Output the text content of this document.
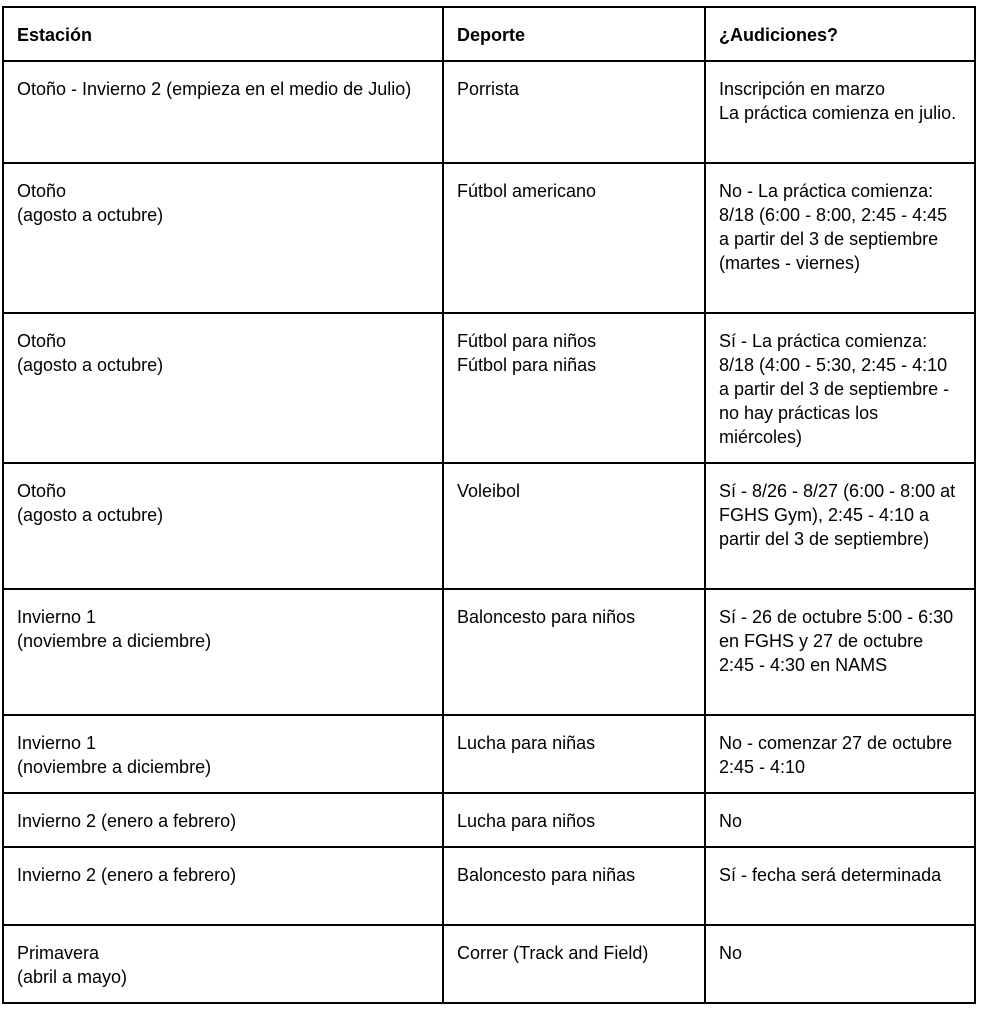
Estación	Deporte	¿Audiciones?
Otoño - Invierno 2 (empieza en el medio de Julio)	Porrista	Inscripción en marzo
La práctica comienza en julio.
Otoño
(agosto a octubre)	Fútbol americano	No - La práctica comienza: 8/18 (6:00 - 8:00, 2:45 - 4:45 a partir del 3 de septiembre (martes - viernes)
Otoño
(agosto a octubre)	Fútbol para niños
Fútbol para niñas	Sí - La práctica comienza: 8/18 (4:00 - 5:30, 2:45 - 4:10 a partir del 3 de septiembre - no hay prácticas los miércoles)
Otoño
(agosto a octubre)	Voleibol	Sí - 8/26 - 8/27 (6:00 - 8:00 at FGHS Gym), 2:45 - 4:10 a partir del 3 de septiembre)
Invierno 1
(noviembre a diciembre)	Baloncesto para niños	Sí - 26 de octubre 5:00 - 6:30 en FGHS y 27 de octubre 2:45 - 4:30 en NAMS
Invierno 1
(noviembre a diciembre)	Lucha para niñas	No - comenzar 27 de octubre 2:45 - 4:10
Invierno 2 (enero a febrero)	Lucha para niños	No
Invierno 2 (enero a febrero)	Baloncesto para niñas	Sí - fecha será determinada
Primavera
(abril a mayo)	Correr (Track and Field)	No
